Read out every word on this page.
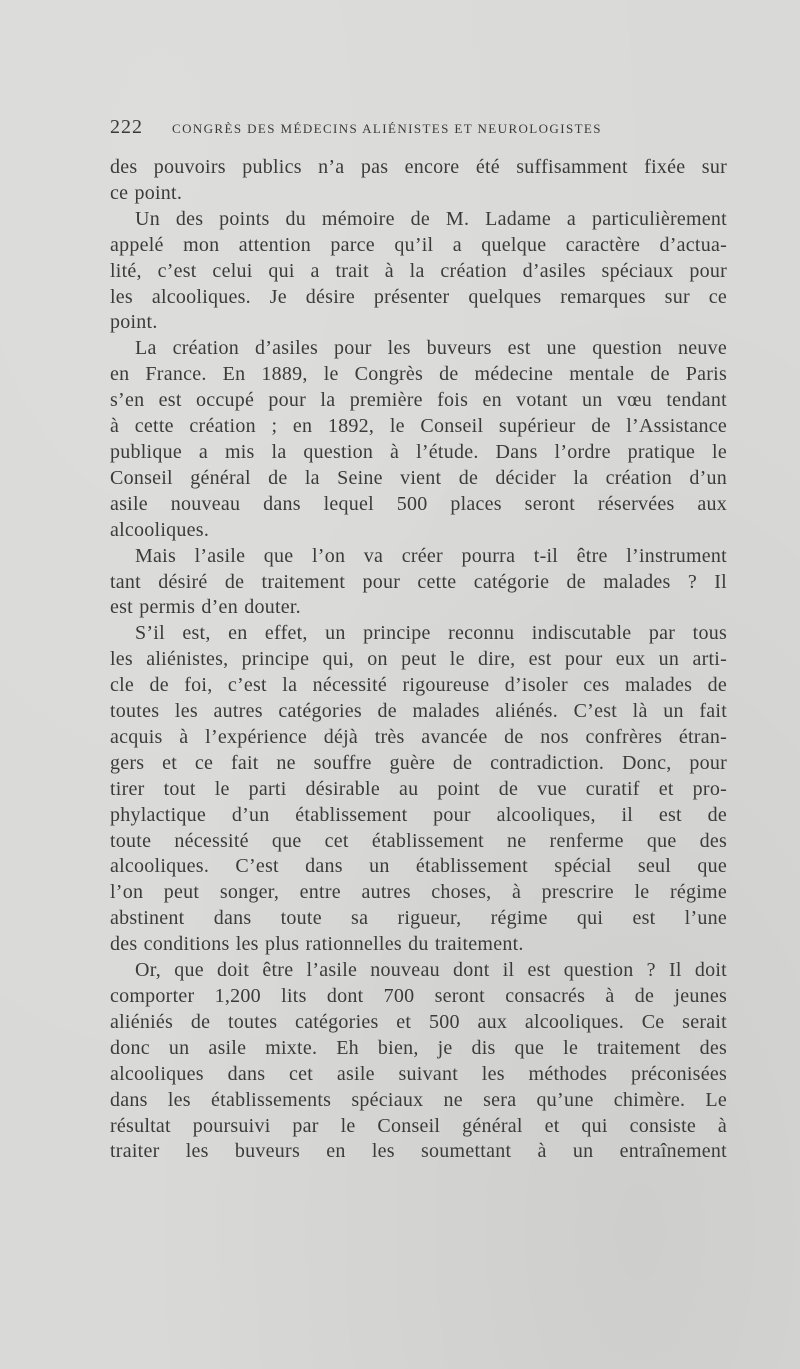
222 CONGRÈS DES MÉDECINS ALIÉNISTES ET NEUROLOGISTES
des pouvoirs publics n’a pas encore été suffisamment fixée sur
ce point.
Un des points du mémoire de M. Ladame a particulièrement
appelé mon attention parce qu’il a quelque caractère d’actua-
lité, c’est celui qui a trait à la création d’asiles spéciaux pour
les alcooliques. Je désire présenter quelques remarques sur ce
point.
La création d’asiles pour les buveurs est une question neuve
en France. En 1889, le Congrès de médecine mentale de Paris
s’en est occupé pour la première fois en votant un vœu tendant
à cette création ; en 1892, le Conseil supérieur de l’Assistance
publique a mis la question à l’étude. Dans l’ordre pratique le
Conseil général de la Seine vient de décider la création d’un
asile nouveau dans lequel 500 places seront réservées aux
alcooliques.
Mais l’asile que l’on va créer pourra t-il être l’instrument
tant désiré de traitement pour cette catégorie de malades ? Il
est permis d’en douter.
S’il est, en effet, un principe reconnu indiscutable par tous
les aliénistes, principe qui, on peut le dire, est pour eux un arti-
cle de foi, c’est la nécessité rigoureuse d’isoler ces malades de
toutes les autres catégories de malades aliénés. C’est là un fait
acquis à l’expérience déjà très avancée de nos confrères étran-
gers et ce fait ne souffre guère de contradiction. Donc, pour
tirer tout le parti désirable au point de vue curatif et pro-
phylactique d’un établissement pour alcooliques, il est de
toute nécessité que cet établissement ne renferme que des
alcooliques. C’est dans un établissement spécial seul que
l’on peut songer, entre autres choses, à prescrire le régime
abstinent dans toute sa rigueur, régime qui est l’une
des conditions les plus rationnelles du traitement.
Or, que doit être l’asile nouveau dont il est question ? Il doit
comporter 1,200 lits dont 700 seront consacrés à de jeunes
aliéniés de toutes catégories et 500 aux alcooliques. Ce serait
donc un asile mixte. Eh bien, je dis que le traitement des
alcooliques dans cet asile suivant les méthodes préconisées
dans les établissements spéciaux ne sera qu’une chimère. Le
résultat poursuivi par le Conseil général et qui consiste à
traiter les buveurs en les soumettant à un entraînement
